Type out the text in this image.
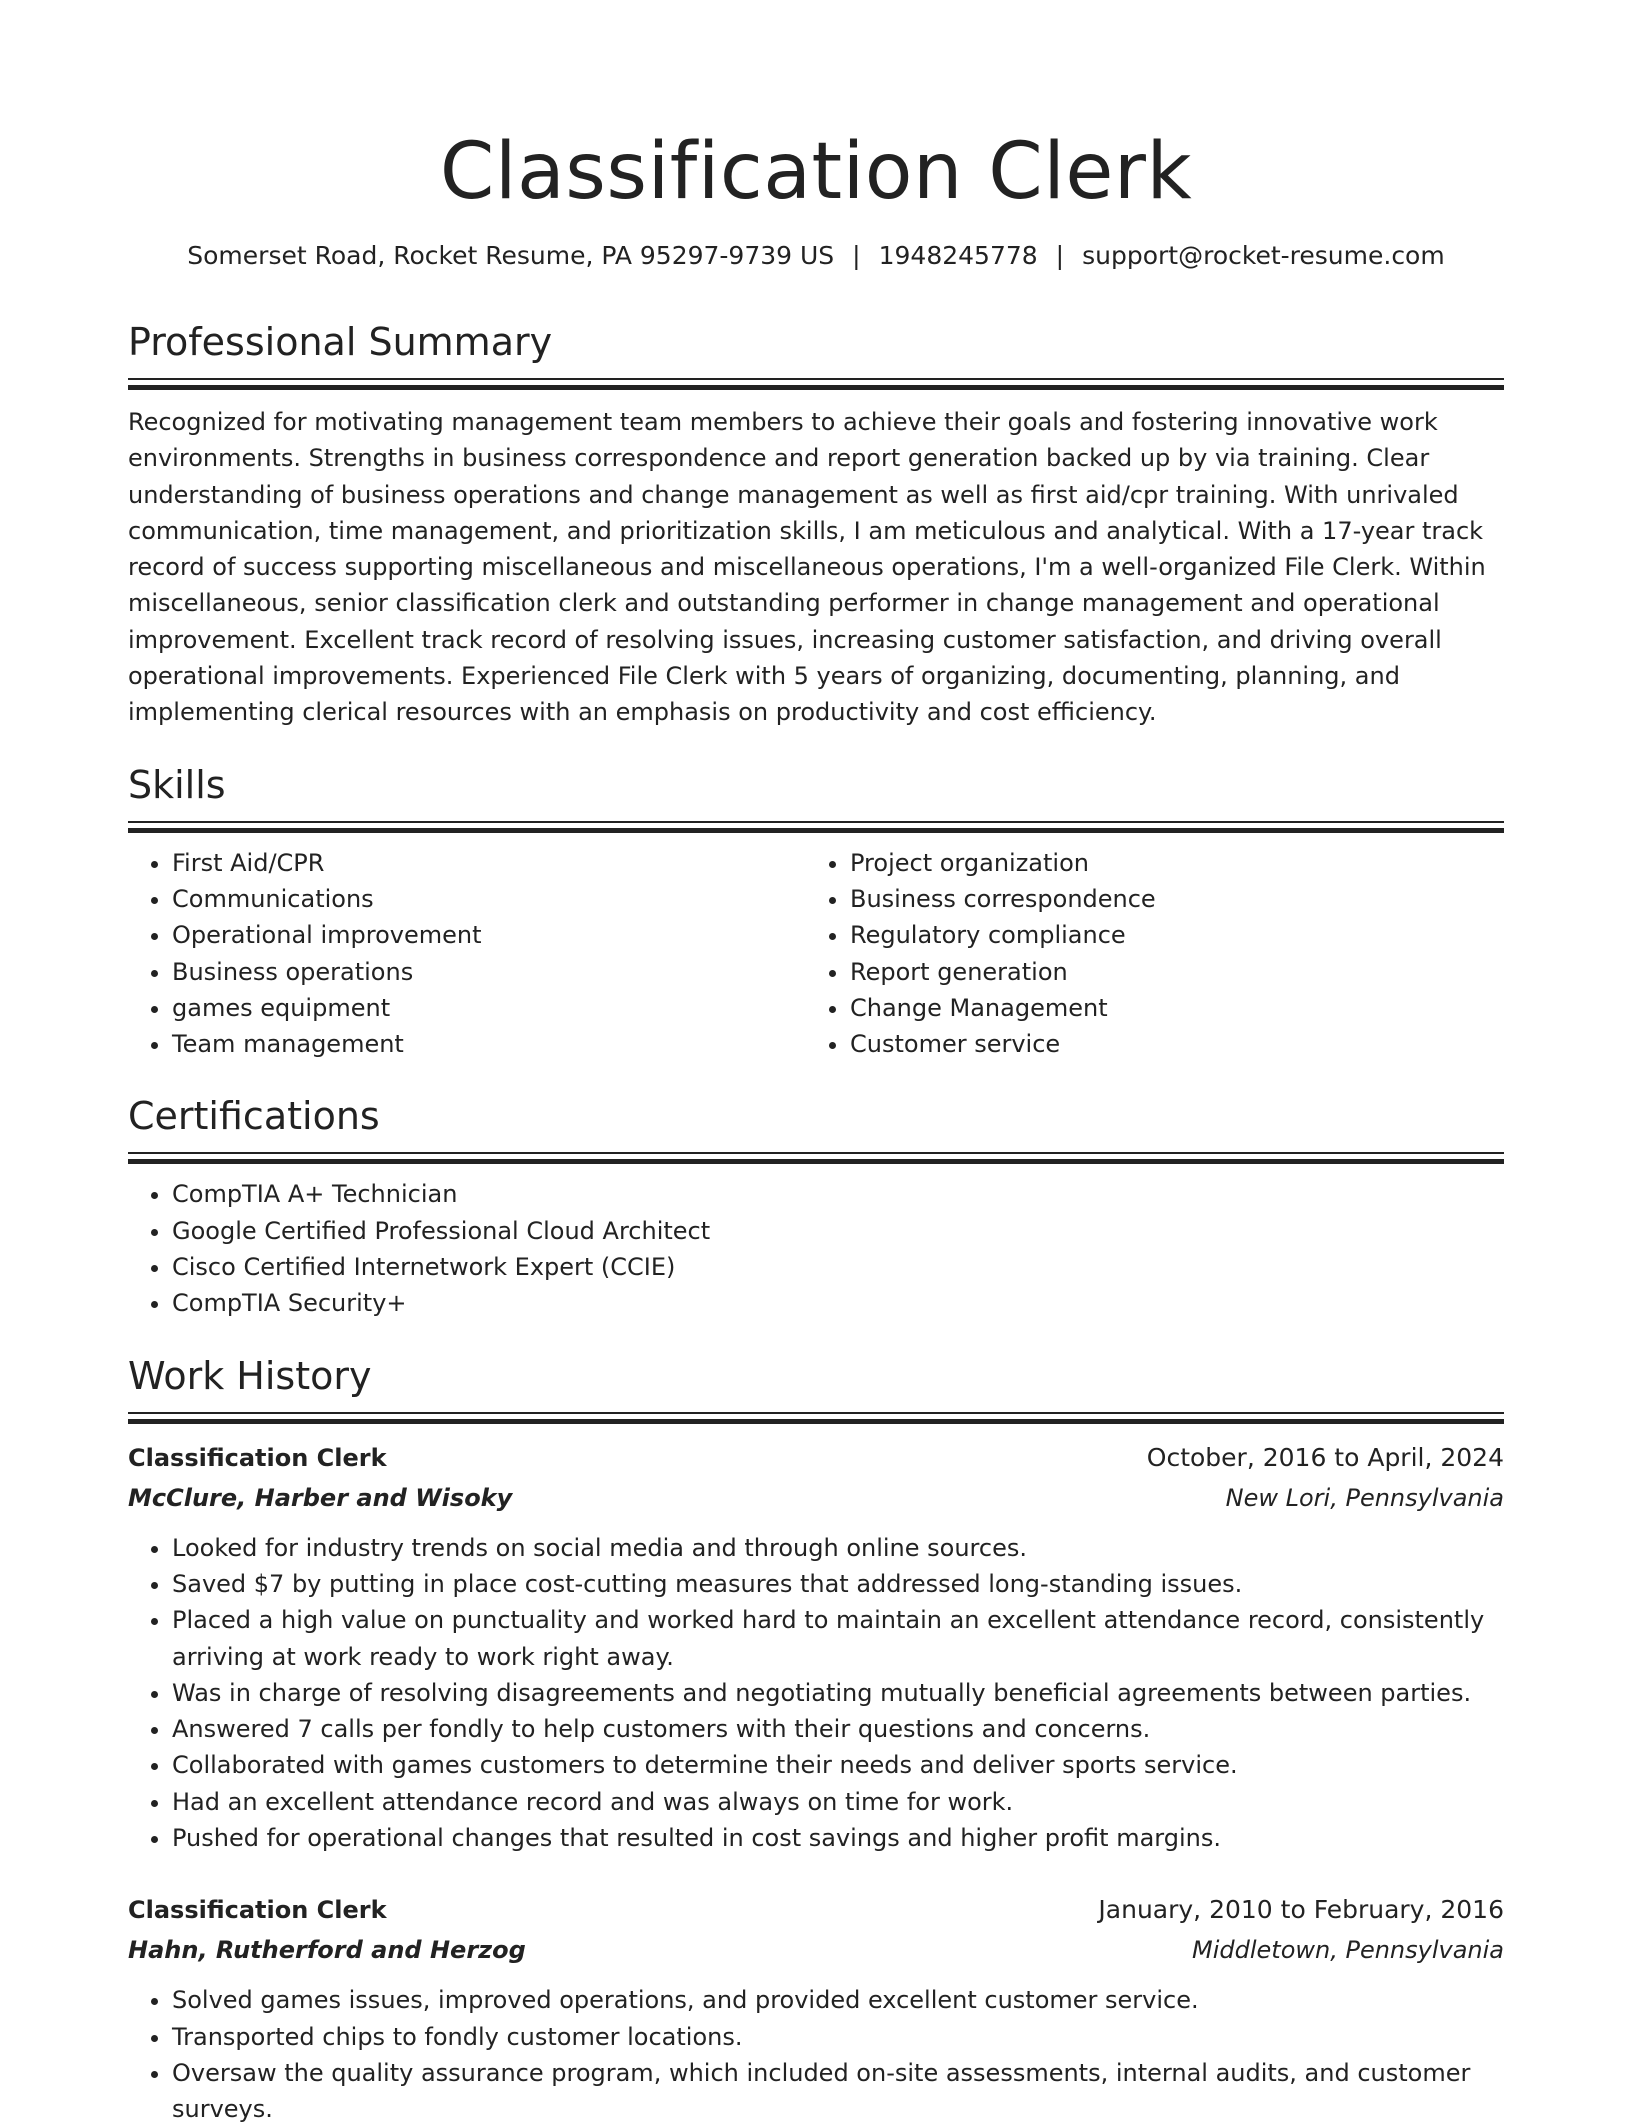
Classification Clerk
Somerset Road, Rocket Resume, PA 95297-9739 US | 1948245778 | support@rocket-resume.com
Professional Summary

Recognized for motivating management team members to achieve their goals and fostering innovative work environments. Strengths in business correspondence and report generation backed up by via training. Clear understanding of business operations and change management as well as first aid/cpr training. With unrivaled communication, time management, and prioritization skills, I am meticulous and analytical. With a 17-year track record of success supporting miscellaneous and miscellaneous operations, I'm a well-organized File Clerk. Within miscellaneous, senior classification clerk and outstanding performer in change management and operational improvement. Excellent track record of resolving issues, increasing customer satisfaction, and driving overall operational improvements. Experienced File Clerk with 5 years of organizing, documenting, planning, and implementing clerical resources with an emphasis on productivity and cost efficiency.

Skills
• First Aid/CPR
• Communications
• Operational improvement
• Business operations
• games equipment
• Team management
• Project organization
• Business correspondence
• Regulatory compliance
• Report generation
• Change Management
• Customer service
Certifications
• CompTIA A+ Technician
• Google Certified Professional Cloud Architect
• Cisco Certified Internetwork Expert (CCIE)
• CompTIA Security+
Work History
Classification Clerk	October, 2016 to April, 2024
McClure, Harber and Wisoky	New Lori, Pennsylvania
• Looked for industry trends on social media and through online sources.
• Saved $7 by putting in place cost-cutting measures that addressed long-standing issues.
• Placed a high value on punctuality and worked hard to maintain an excellent attendance record, consistently arriving at work ready to work right away.
• Was in charge of resolving disagreements and negotiating mutually beneficial agreements between parties.
• Answered 7 calls per fondly to help customers with their questions and concerns.
• Collaborated with games customers to determine their needs and deliver sports service.
• Had an excellent attendance record and was always on time for work.
• Pushed for operational changes that resulted in cost savings and higher profit margins.
Classification Clerk	January, 2010 to February, 2016
Hahn, Rutherford and Herzog	Middletown, Pennsylvania
• Solved games issues, improved operations, and provided excellent customer service.
• Transported chips to fondly customer locations.
• Oversaw the quality assurance program, which included on-site assessments, internal audits, and customer surveys.
